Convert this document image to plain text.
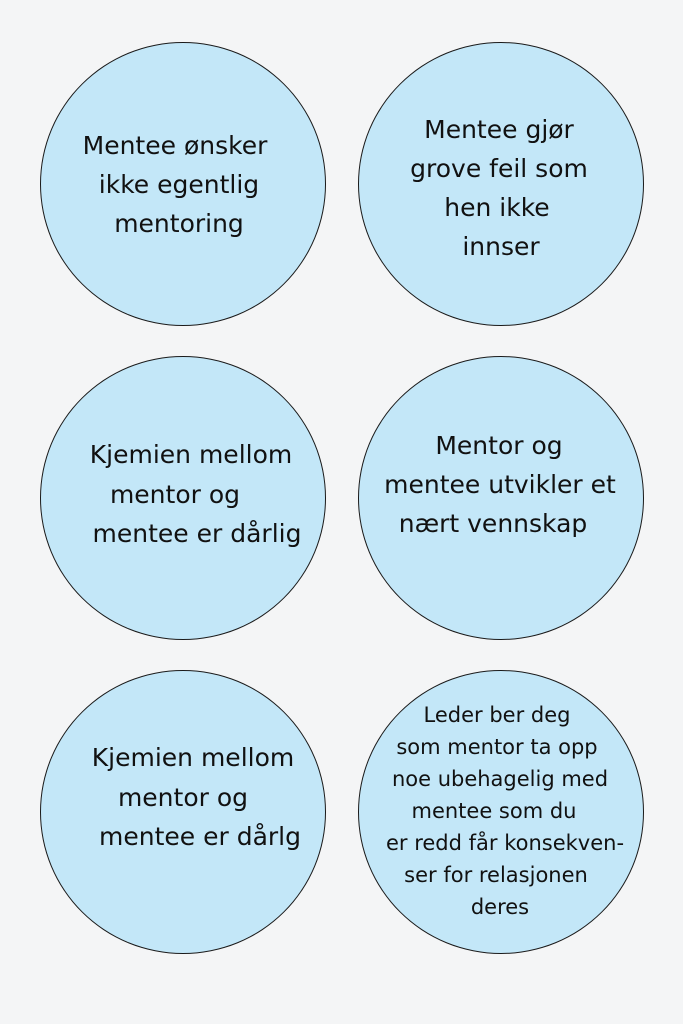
Mentee ønsker
ikke egentlig
mentoring
Mentee gjør
grove feil som
hen ikke
innser
Kjemien mellom
mentor og
mentee er dårlig
Mentor og
mentee utvikler et
nært vennskap
Kjemien mellom
mentor og
mentee er dårlg
Leder ber deg
som mentor ta opp
noe ubehagelig med
mentee som du
er redd får konsekven-
ser for relasjonen
deres
